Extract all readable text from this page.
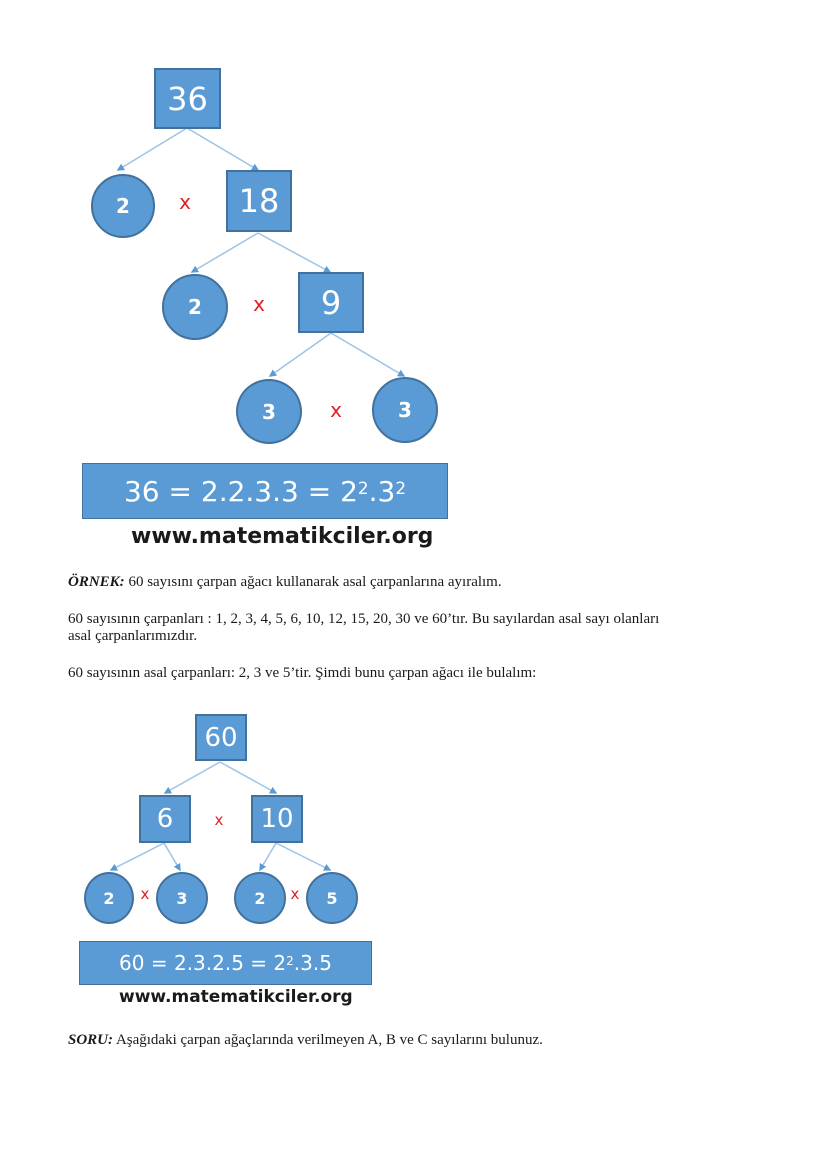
36
2	x	18
2	x	9
3	x	3
$36 = 2.2.3.3 = 2^2$ $.3^2$
www.matematikciler.org

ÖRNEK: 60 sayısını çarpan ağacı kullanarak asal çarpanlarına ayıralım.

60 sayısının çarpanları : 1, 2, 3, 4, 5, 6, 10, 12, 15, 20, 30 ve 60’tır. Bu sayılardan asal sayı olanları
asal çarpanlarımızdır.

60 sayısının asal çarpanları: 2, 3 ve 5’tir. Şimdi bunu çarpan ağacı ile bulalım:

60
6	x	10
2	x	3	2	x	5
$60 = 2.3.2.5 = 2^2$ .3.5
www.matematikciler.org

SORU: Aşağıdaki çarpan ağaçlarında verilmeyen A, B ve C sayılarını bulunuz.
